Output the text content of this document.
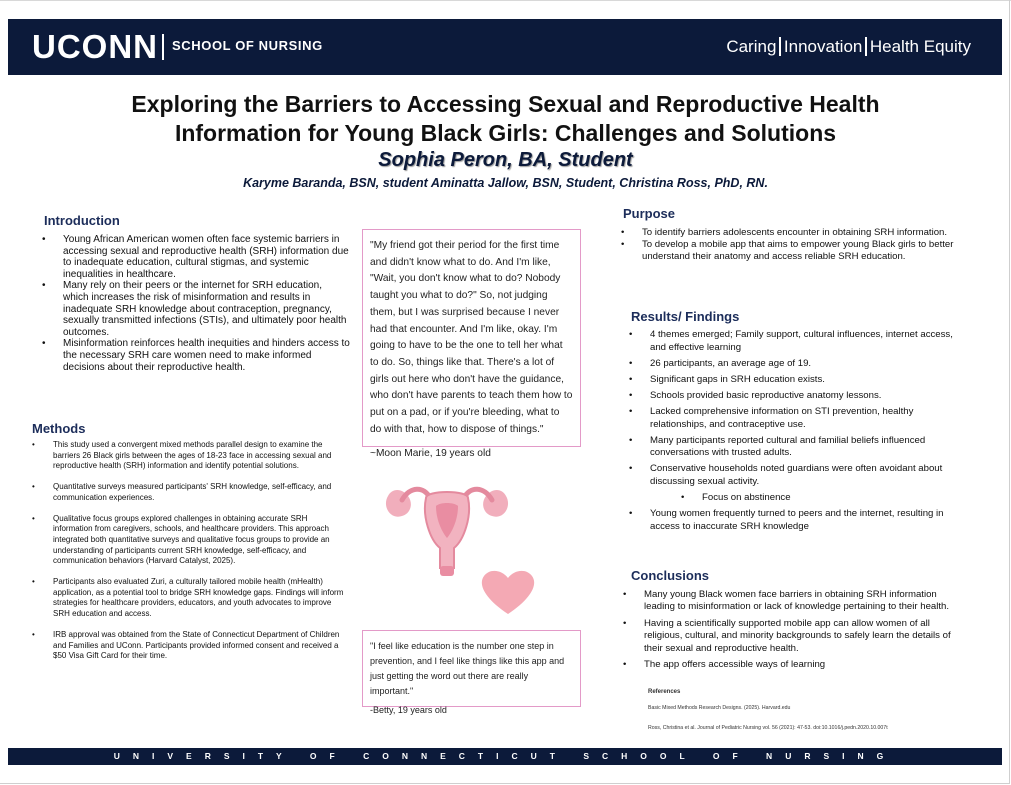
UCONN SCHOOL OF NURSING	Caring Innovation Health Equity
Exploring the Barriers to Accessing Sexual and Reproductive Health
Information for Young Black Girls: Challenges and Solutions
Sophia Peron, BA, Student
Karyme Baranda, BSN, student Aminatta Jallow, BSN, Student, Christina Ross, PhD, RN.
Introduction
• Young African American women often face systemic barriers in accessing sexual and reproductive health (SRH) information due to inadequate education, cultural stigmas, and systemic inequalities in healthcare.
• Many rely on their peers or the internet for SRH education, which increases the risk of misinformation and results in inadequate SRH knowledge about contraception, pregnancy, sexually transmitted infections (STIs), and ultimately poor health outcomes.
• Misinformation reinforces health inequities and hinders access to the necessary SRH care women need to make informed decisions about their reproductive health.
Methods
• This study used a convergent mixed methods parallel design to examine the barriers 26 Black girls between the ages of 18-23 face in accessing sexual and reproductive health (SRH) information and identify potential solutions.
• Quantitative surveys measured participants' SRH knowledge, self-efficacy, and communication experiences.
• Qualitative focus groups explored challenges in obtaining accurate SRH information from caregivers, schools, and healthcare providers. This approach integrated both quantitative surveys and qualitative focus groups to provide an understanding of participants current SRH knowledge, self-efficacy, and communication behaviors (Harvard Catalyst, 2025).
• Participants also evaluated Zuri, a culturally tailored mobile health (mHealth) application, as a potential tool to bridge SRH knowledge gaps. Findings will inform strategies for healthcare providers, educators, and youth advocates to improve SRH education and access.
• IRB approval was obtained from the State of Connecticut Department of Children and Families and UConn. Participants provided informed consent and received a $50 Visa Gift Card for their time.
"My friend got their period for the first time and didn't know what to do. And I'm like, "Wait, you don't know what to do? Nobody taught you what to do?" So, not judging them, but I was surprised because I never had that encounter. And I'm like, okay. I'm going to have to be the one to tell her what to do. So, things like that. There's a lot of girls out here who don't have the guidance, who don't have parents to teach them how to put on a pad, or if you're bleeding, what to do with that, how to dispose of things."
~Moon Marie, 19 years old
"I feel like education is the number one step in prevention, and I feel like things like this app and just getting the word out there are really important."
-Betty, 19 years old
Purpose
• To identify barriers adolescents encounter in obtaining SRH information.
• To develop a mobile app that aims to empower young Black girls to better understand their anatomy and access reliable SRH education.
Results/ Findings
• 4 themes emerged; Family support, cultural influences, internet access, and effective learning
• 26 participants, an average age of 19.
• Significant gaps in SRH education exists.
• Schools provided basic reproductive anatomy lessons.
• Lacked comprehensive information on STI prevention, healthy relationships, and contraceptive use.
• Many participants reported cultural and familial beliefs influenced conversations with trusted adults.
• Conservative households noted guardians were often avoidant about discussing sexual activity.
• Focus on abstinence
• Young women frequently turned to peers and the internet, resulting in access to inaccurate SRH knowledge
Conclusions
• Many young Black women face barriers in obtaining SRH information leading to misinformation or lack of knowledge pertaining to their health.
• Having a scientifically supported mobile app can allow women of all religious, cultural, and minority backgrounds to safely learn the details of their sexual and reproductive health.
• The app offers accessible ways of learning
References
Basic Mixed Methods Research Designs. (2025). Harvard.edu
Ross, Christina et al. Journal of Pediatric Nursing vol. 56 (2021): 47-53. doi:10.1016/j.pedn.2020.10.007t
UNIVERSITY OF CONNECTICUT SCHOOL OF NURSING
